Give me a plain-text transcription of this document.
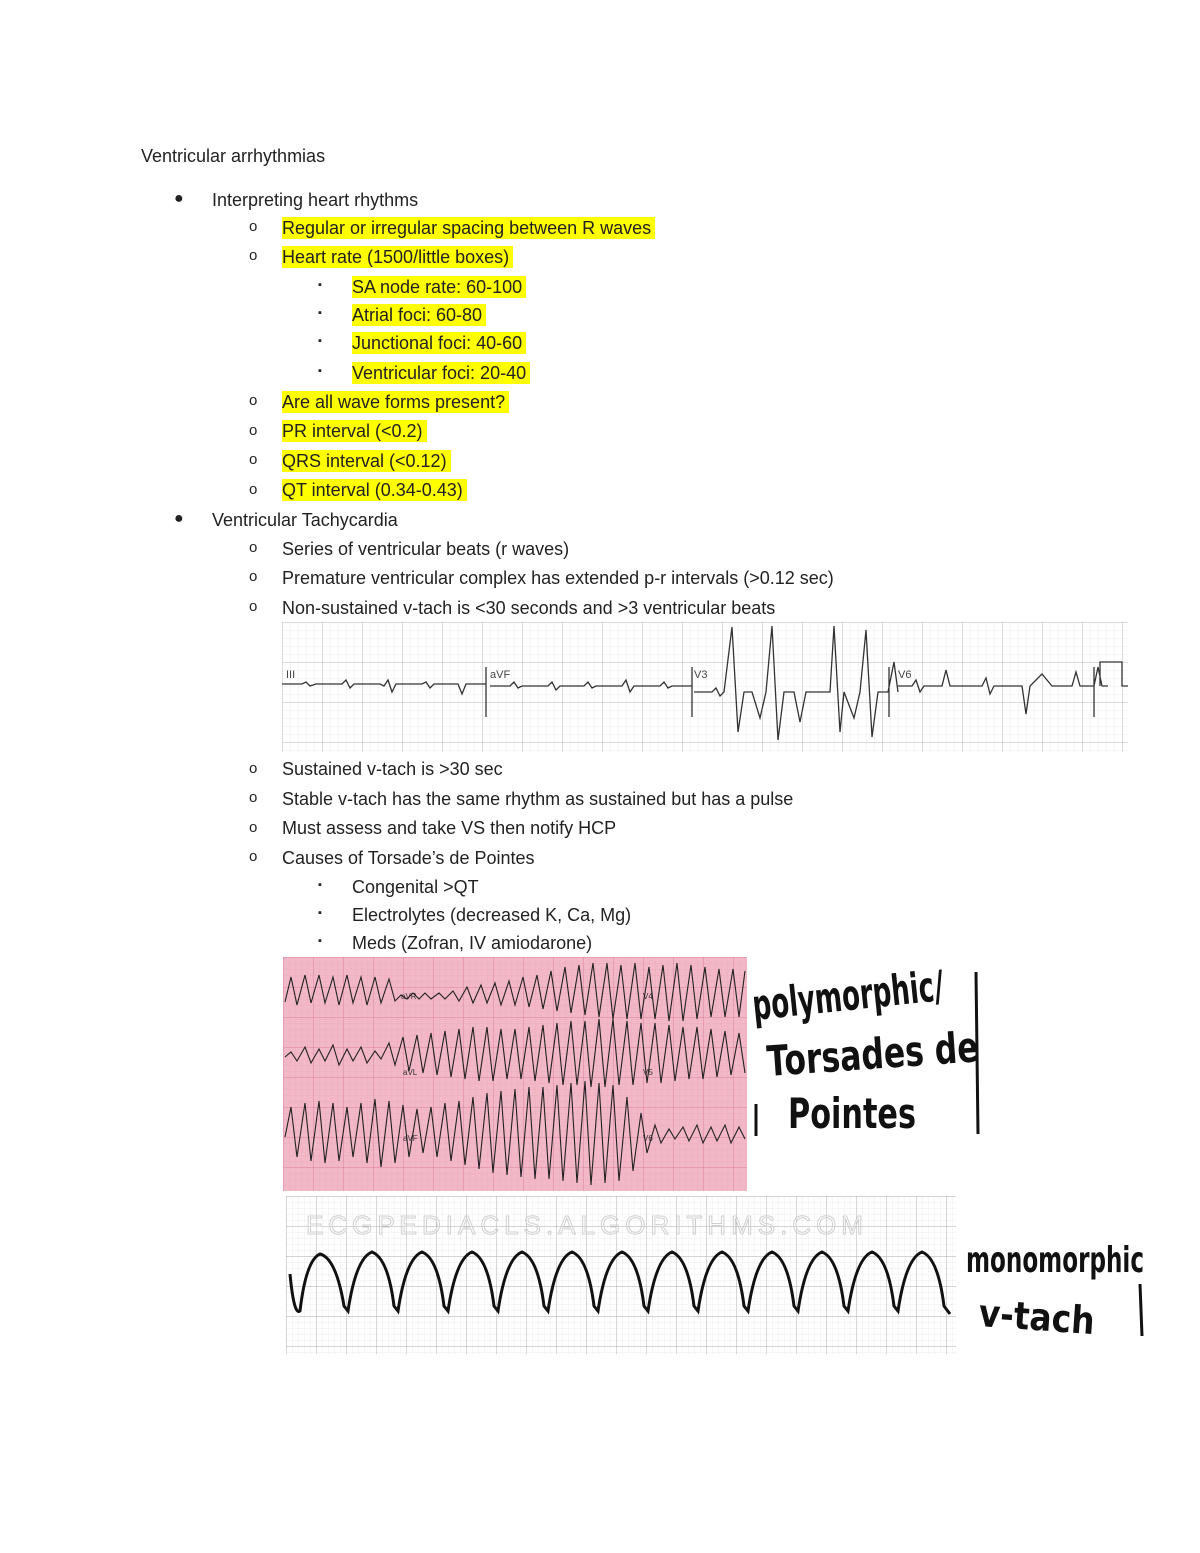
Ventricular arrhythmias
● Interpreting heart rhythms
o Regular or irregular spacing between R waves
o Heart rate (1500/little boxes)
▪ SA node rate: 60-100
▪ Atrial foci: 60-80
▪ Junctional foci: 40-60
▪ Ventricular foci: 20-40
o Are all wave forms present?
o PR interval (<0.2)
o QRS interval (<0.12)
o QT interval (0.34-0.43)
● Ventricular Tachycardia
o Series of ventricular beats (r waves)
o Premature ventricular complex has extended p-r intervals (>0.12 sec)
o Non-sustained v-tach is <30 seconds and >3 ventricular beats
III	aVF	V3	V6
o Sustained v-tach is >30 sec
o Stable v-tach has the same rhythm as sustained but has a pulse
o Must assess and take VS then notify HCP
o Causes of Torsade’s de Pointes
▪ Congenital >QT
▪ Electrolytes (decreased K, Ca, Mg)
▪ Meds (Zofran, IV amiodarone)
aVR	V4
aVL	V5
aVF	V6
ECGPEDIACLS.ALGORITHMS.COM
polymorphic/
Torsades de
Pointes
monomorphic
v-tach
